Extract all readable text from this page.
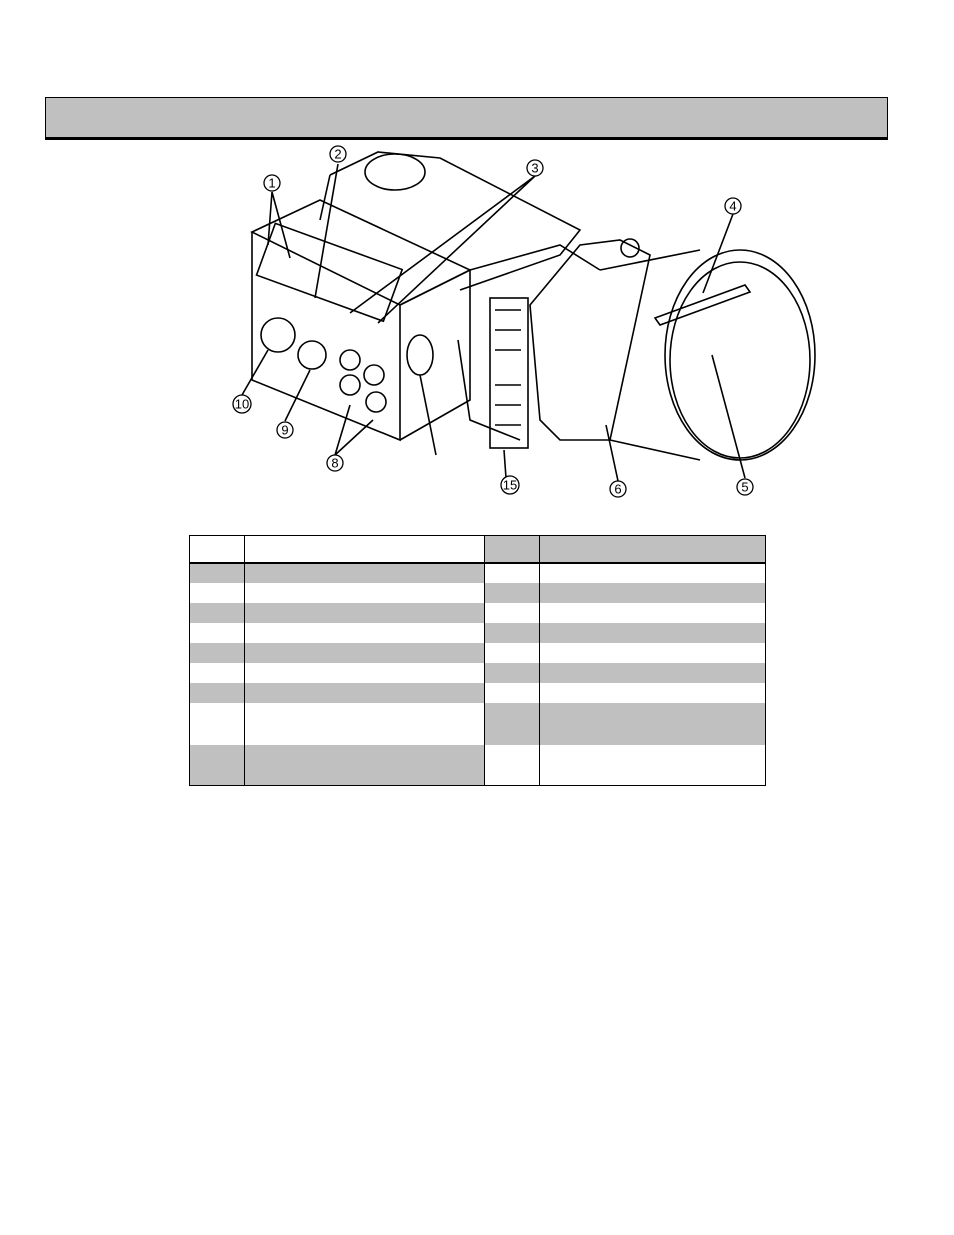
1
2
3
4
5
6
8
9
10
15
